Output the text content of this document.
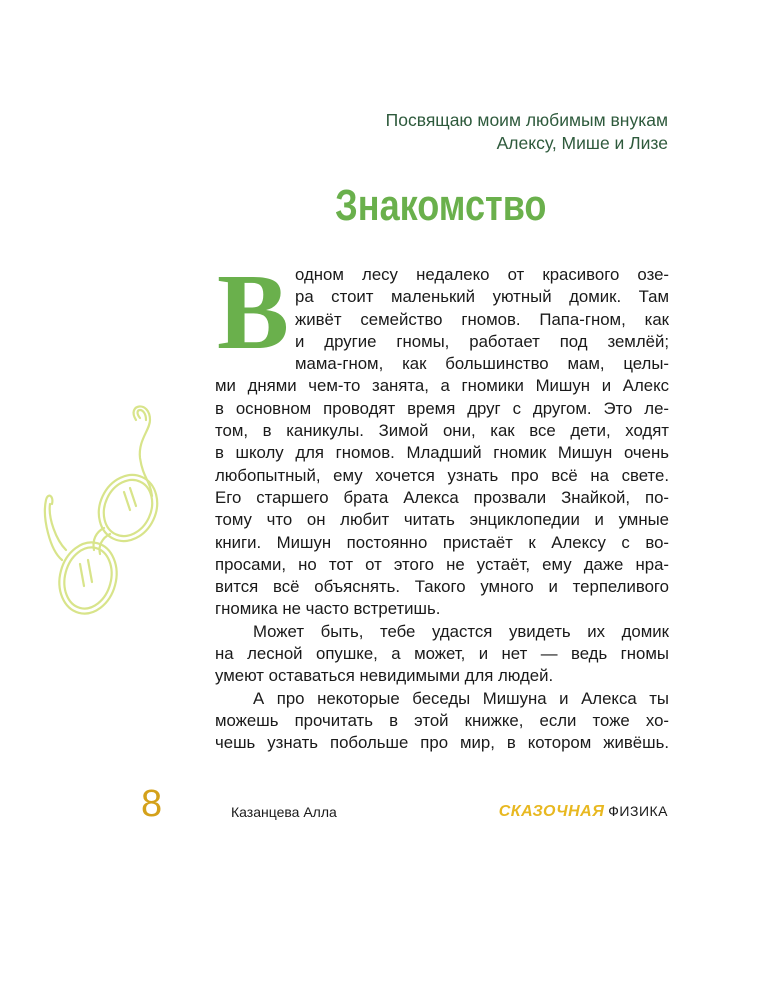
Посвящаю моим любимым внукам
Алексу, Мише и Лизе
Знакомство
В одном лесу недалеко от красивого озе-
ра стоит маленький уютный домик. Там
живёт семейство гномов. Папа-гном, как
и другие гномы, работает под землёй;
мама-гном, как большинство мам, целы-
ми днями чем-то занята, а гномики Мишун и Алекс
в основном проводят время друг с другом. Это ле-
том, в каникулы. Зимой они, как все дети, ходят
в школу для гномов. Младший гномик Мишун очень
любопытный, ему хочется узнать про всё на свете.
Его старшего брата Алекса прозвали Знайкой, по-
тому что он любит читать энциклопедии и умные
книги. Мишун постоянно пристаёт к Алексу с во-
просами, но тот от этого не устаёт, ему даже нра-
вится всё объяснять. Такого умного и терпеливого
гномика не часто встретишь.
Может быть, тебе удастся увидеть их домик
на лесной опушке, а может, и нет — ведь гномы
умеют оставаться невидимыми для людей.
А про некоторые беседы Мишуна и Алекса ты
можешь прочитать в этой книжке, если тоже хо-
чешь узнать побольше про мир, в котором живёшь.
8	Казанцева Алла	СКАЗОЧНАЯ ФИЗИКА
